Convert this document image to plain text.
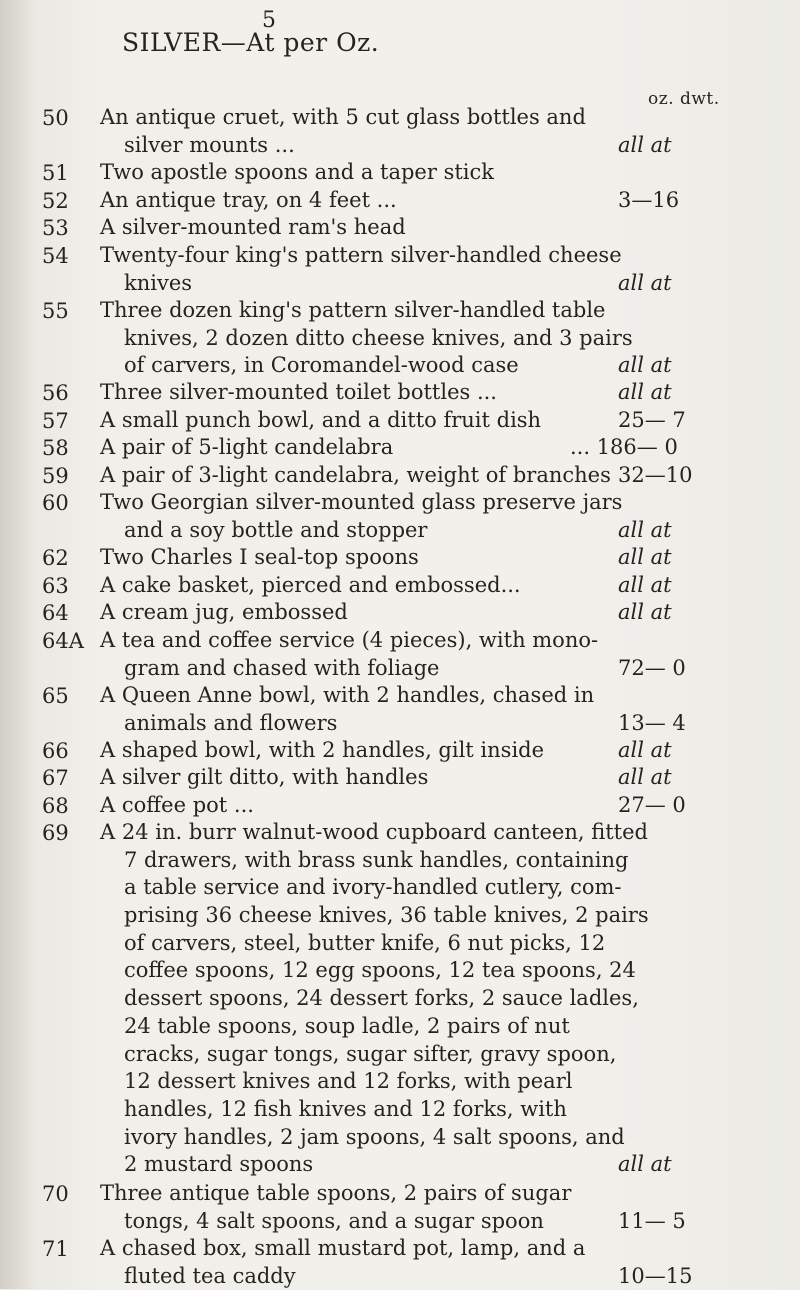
5
SILVER—At per Oz.
oz. dwt.
50	An antique cruet, with 5 cut glass bottles and
silver mounts ...	all at
51	Two apostle spoons and a taper stick
52	An antique tray, on 4 feet ...	3—16
53	A silver-mounted ram's head
54	Twenty-four king's pattern silver-handled cheese
knives	all at
55	Three dozen king's pattern silver-handled table
knives, 2 dozen ditto cheese knives, and 3 pairs
of carvers, in Coromandel-wood case	all at
56	Three silver-mounted toilet bottles ...	all at
57	A small punch bowl, and a ditto fruit dish	25— 7
58	A pair of 5-light candelabra	... 186— 0
59	A pair of 3-light candelabra, weight of branches 32—10
60	Two Georgian silver-mounted glass preserve jars
and a soy bottle and stopper	all at
62	Two Charles I seal-top spoons	all at
63	A cake basket, pierced and embossed...	all at
64	A cream jug, embossed	all at
64A A tea and coffee service (4 pieces), with mono-
gram and chased with foliage	72— 0
65	A Queen Anne bowl, with 2 handles, chased in
animals and flowers	13— 4
66	A shaped bowl, with 2 handles, gilt inside	all at
67	A silver gilt ditto, with handles	all at
68	A coffee pot ...	27— 0
69	A 24 in. burr walnut-wood cupboard canteen, fitted
7 drawers, with brass sunk handles, containing
a table service and ivory-handled cutlery, com-
prising 36 cheese knives, 36 table knives, 2 pairs
of carvers, steel, butter knife, 6 nut picks, 12
coffee spoons, 12 egg spoons, 12 tea spoons, 24
dessert spoons, 24 dessert forks, 2 sauce ladles,
24 table spoons, soup ladle, 2 pairs of nut
cracks, sugar tongs, sugar sifter, gravy spoon,
12 dessert knives and 12 forks, with pearl
handles, 12 fish knives and 12 forks, with
ivory handles, 2 jam spoons, 4 salt spoons, and
2 mustard spoons	all at
70	Three antique table spoons, 2 pairs of sugar
tongs, 4 salt spoons, and a sugar spoon	11— 5
71	A chased box, small mustard pot, lamp, and a
fluted tea caddy	10—15
